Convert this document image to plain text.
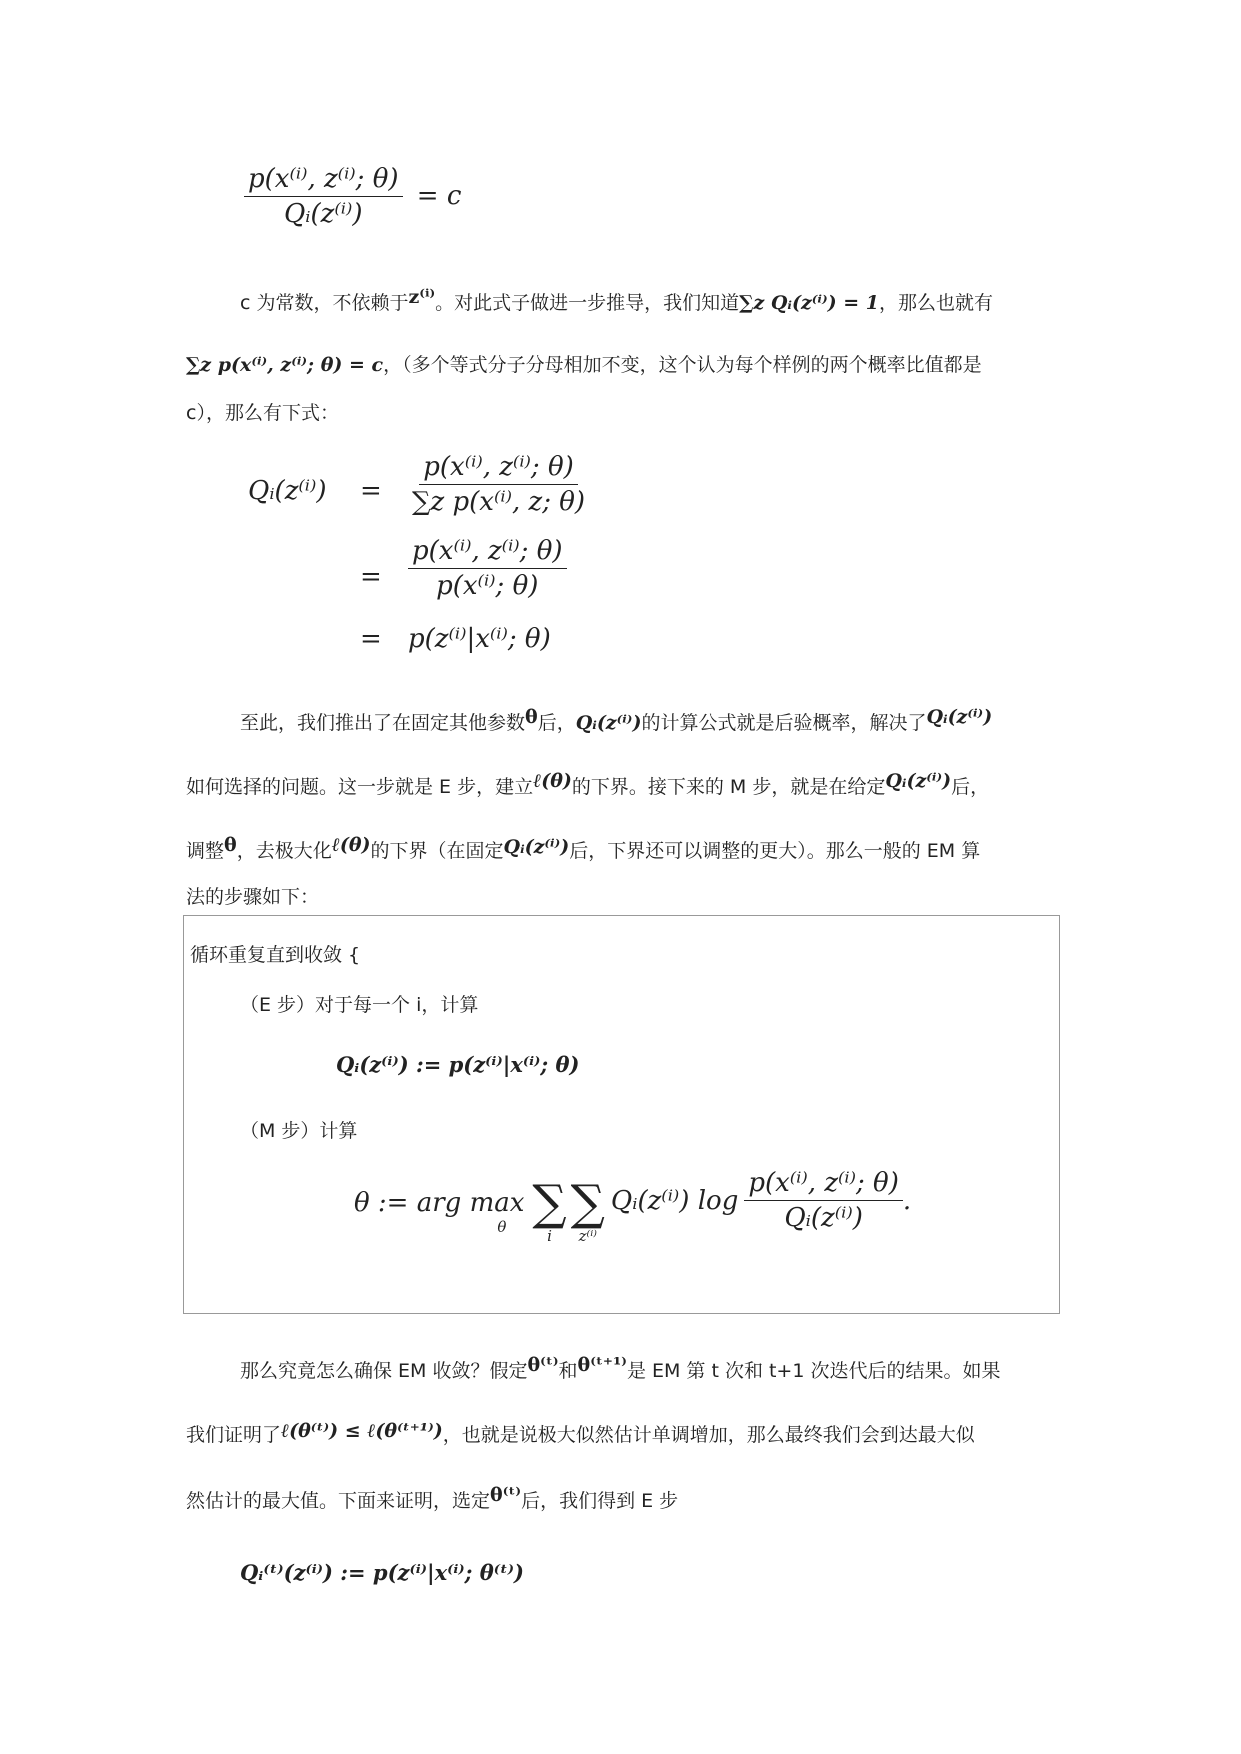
$\frac{\text{p(x⁽ⁱ⁾, z⁽ⁱ⁾; θ)}}{\text{Qᵢ(z⁽ⁱ⁾)}} = c$
c 为常数，不依赖于z⁽ⁱ⁾。对此式子做进一步推导，我们知道∑z Qᵢ(z⁽ⁱ⁾) = 1，那么也就有
∑z p(x⁽ⁱ⁾, z⁽ⁱ⁾; θ) = c，（多个等式分子分母相加不变，这个认为每个样例的两个概率比值都是
c），那么有下式：
Qᵢ(z⁽ⁱ⁾) = $\frac{\text{p(x⁽ⁱ⁾, z⁽ⁱ⁾; θ)}}{\text{∑z p(x⁽ⁱ⁾, z; θ)}}$
= $\frac{\text{p(x⁽ⁱ⁾, z⁽ⁱ⁾; θ)}}{\text{p(x⁽ⁱ⁾; θ)}}$
= p(z⁽ⁱ⁾|x⁽ⁱ⁾; θ)
至此，我们推出了在固定其他参数θ后，Qᵢ(z⁽ⁱ⁾)的计算公式就是后验概率，解决了Qᵢ(z⁽ⁱ⁾)
如何选择的问题。这一步就是 E 步，建立ℓ(θ)的下界。接下来的 M 步，就是在给定Qᵢ(z⁽ⁱ⁾)后，
调整θ，去极大化ℓ(θ)的下界（在固定Qᵢ(z⁽ⁱ⁾)后，下界还可以调整的更大）。那么一般的 EM 算
法的步骤如下：
循环重复直到收敛 {
（E 步）对于每一个 i，计算
Qᵢ(z⁽ⁱ⁾) := p(z⁽ⁱ⁾|x⁽ⁱ⁾; θ)
（M 步）计算
θ := arg max
θ ∑
i
∑
z⁽ⁱ⁾
Qᵢ(z⁽ⁱ⁾) $\log \frac{\text{p(x⁽ⁱ⁾, z⁽ⁱ⁾; θ)}}{\text{Qᵢ(z⁽ⁱ⁾)}}$ .
那么究竟怎么确保 EM 收敛？假定θ⁽ᵗ⁾和θ⁽ᵗ⁺¹⁾是 EM 第 t 次和 t+1 次迭代后的结果。如果
我们证明了ℓ(θ⁽ᵗ⁾) ≤ ℓ(θ⁽ᵗ⁺¹⁾)，也就是说极大似然估计单调增加，那么最终我们会到达最大似
然估计的最大值。下面来证明，选定θ⁽ᵗ⁾后，我们得到 E 步
Qᵢ⁽ᵗ⁾(z⁽ⁱ⁾) := p(z⁽ⁱ⁾|x⁽ⁱ⁾; θ⁽ᵗ⁾)
